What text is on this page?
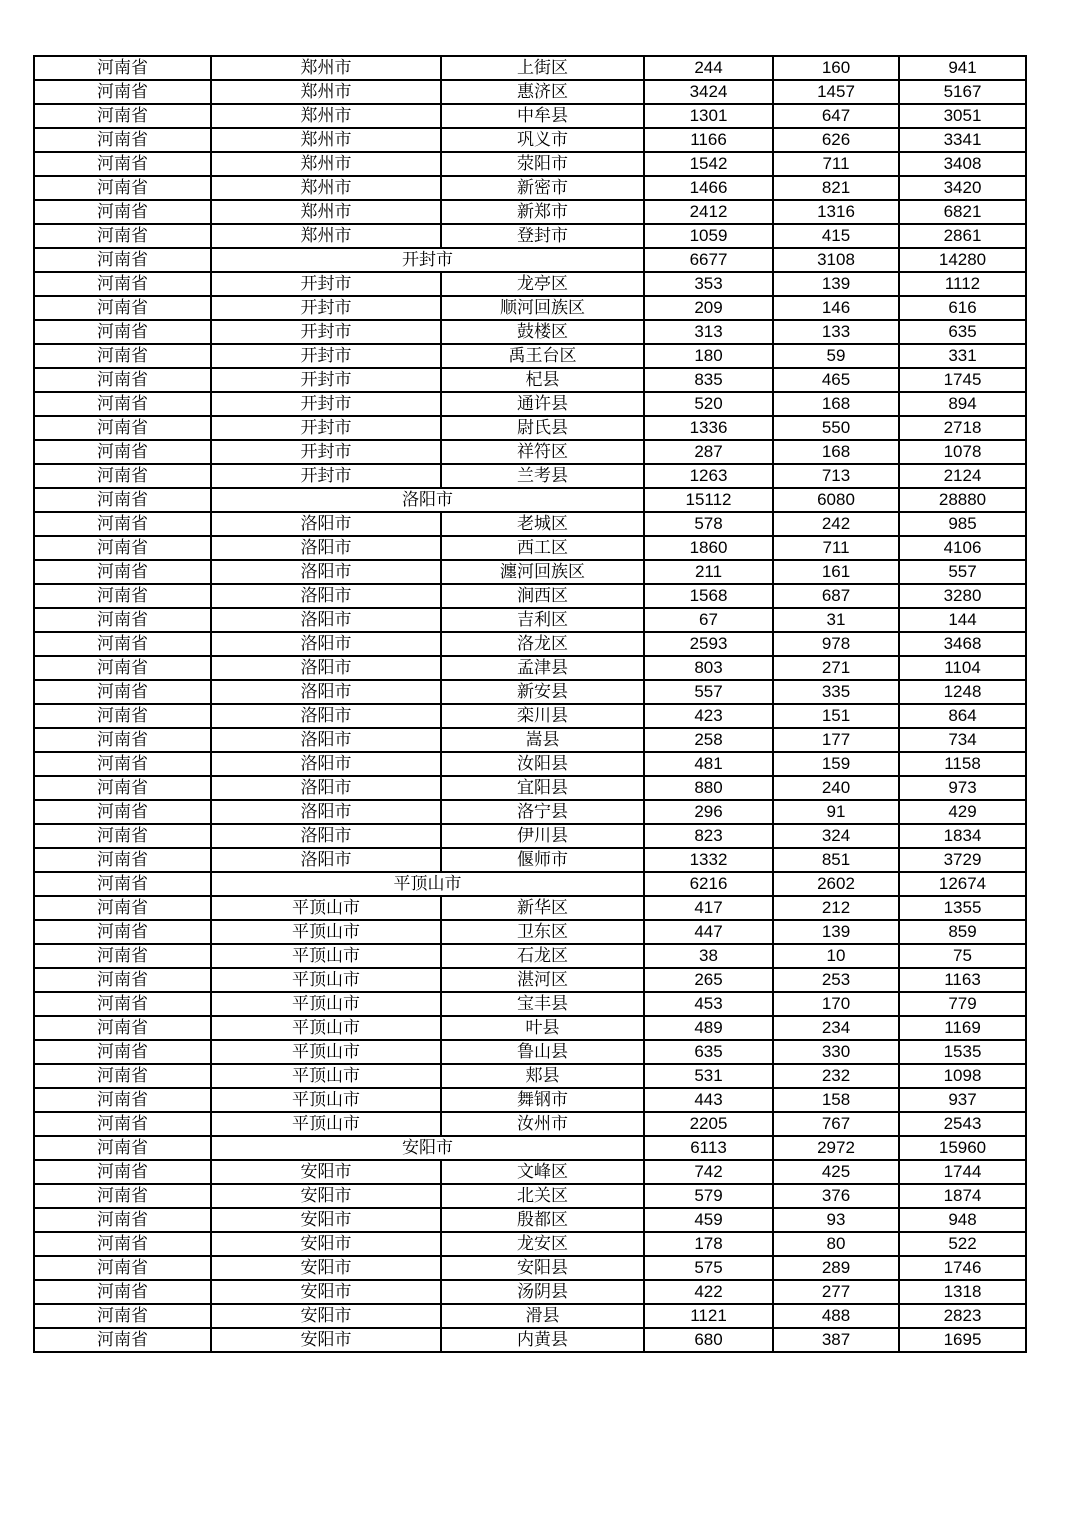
河南省	郑州市	上街区	244	160	941
河南省	郑州市	惠济区	3424	1457	5167
河南省	郑州市	中牟县	1301	647	3051
河南省	郑州市	巩义市	1166	626	3341
河南省	郑州市	荥阳市	1542	711	3408
河南省	郑州市	新密市	1466	821	3420
河南省	郑州市	新郑市	2412	1316	6821
河南省	郑州市	登封市	1059	415	2861
河南省	开封市		6677	3108	14280
河南省	开封市	龙亭区	353	139	1112
河南省	开封市	顺河回族区	209	146	616
河南省	开封市	鼓楼区	313	133	635
河南省	开封市	禹王台区	180	59	331
河南省	开封市	杞县	835	465	1745
河南省	开封市	通许县	520	168	894
河南省	开封市	尉氏县	1336	550	2718
河南省	开封市	祥符区	287	168	1078
河南省	开封市	兰考县	1263	713	2124
河南省	洛阳市		15112	6080	28880
河南省	洛阳市	老城区	578	242	985
河南省	洛阳市	西工区	1860	711	4106
河南省	洛阳市	瀍河回族区	211	161	557
河南省	洛阳市	涧西区	1568	687	3280
河南省	洛阳市	吉利区	67	31	144
河南省	洛阳市	洛龙区	2593	978	3468
河南省	洛阳市	孟津县	803	271	1104
河南省	洛阳市	新安县	557	335	1248
河南省	洛阳市	栾川县	423	151	864
河南省	洛阳市	嵩县	258	177	734
河南省	洛阳市	汝阳县	481	159	1158
河南省	洛阳市	宜阳县	880	240	973
河南省	洛阳市	洛宁县	296	91	429
河南省	洛阳市	伊川县	823	324	1834
河南省	洛阳市	偃师市	1332	851	3729
河南省	平顶山市		6216	2602	12674
河南省	平顶山市	新华区	417	212	1355
河南省	平顶山市	卫东区	447	139	859
河南省	平顶山市	石龙区	38	10	75
河南省	平顶山市	湛河区	265	253	1163
河南省	平顶山市	宝丰县	453	170	779
河南省	平顶山市	叶县	489	234	1169
河南省	平顶山市	鲁山县	635	330	1535
河南省	平顶山市	郏县	531	232	1098
河南省	平顶山市	舞钢市	443	158	937
河南省	平顶山市	汝州市	2205	767	2543
河南省	安阳市		6113	2972	15960
河南省	安阳市	文峰区	742	425	1744
河南省	安阳市	北关区	579	376	1874
河南省	安阳市	殷都区	459	93	948
河南省	安阳市	龙安区	178	80	522
河南省	安阳市	安阳县	575	289	1746
河南省	安阳市	汤阴县	422	277	1318
河南省	安阳市	滑县	1121	488	2823
河南省	安阳市	内黄县	680	387	1695
